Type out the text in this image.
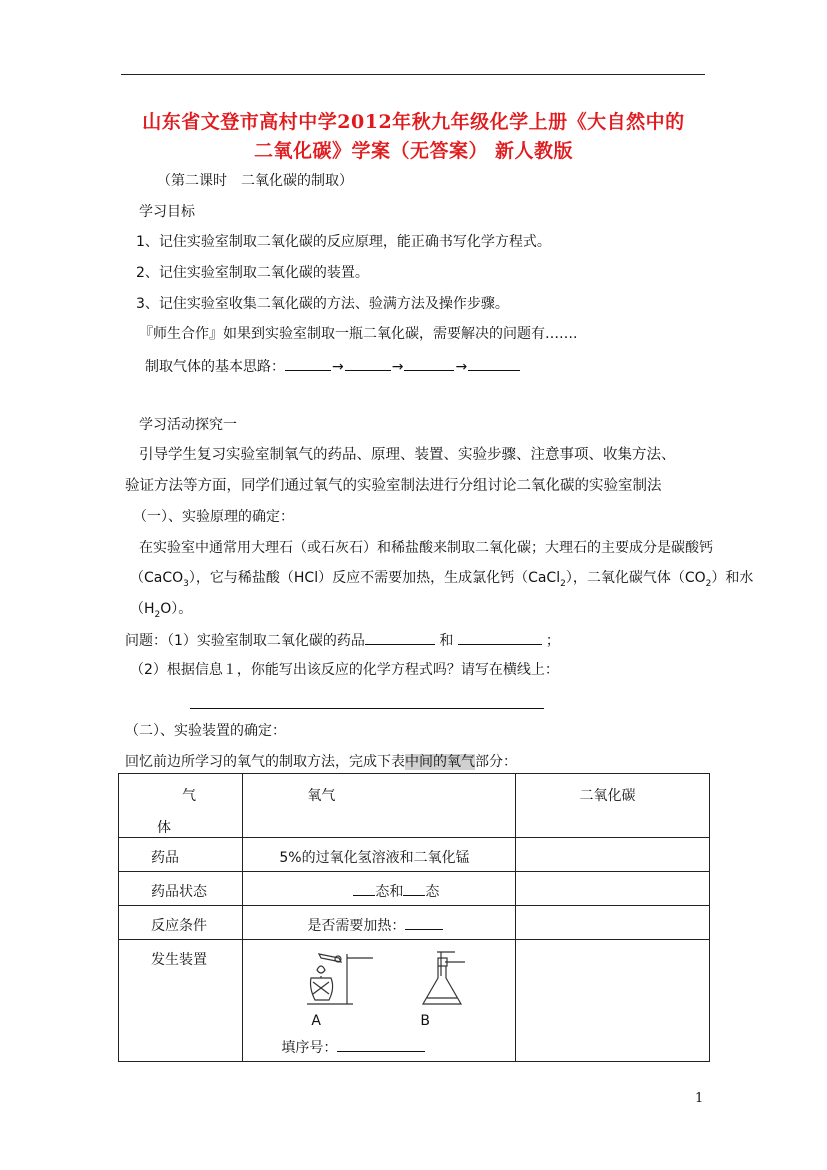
山东省文登市高村中学2012年秋九年级化学上册《大自然中的
二氧化碳》学案（无答案） 新人教版
（第二课时　二氧化碳的制取）
学习目标
1、记住实验室制取二氧化碳的反应原理，能正确书写化学方程式。
2、记住实验室制取二氧化碳的装置。
3、记住实验室收集二氧化碳的方法、验满方法及操作步骤。
『师生合作』如果到实验室制取一瓶二氧化碳，需要解决的问题有…….
制取气体的基本思路：	→	→	→
学习活动探究一
引导学生复习实验室制氧气的药品、原理、装置、实验步骤、注意事项、收集方法、
验证方法等方面，同学们通过氧气的实验室制法进行分组讨论二氧化碳的实验室制法
（一）、实验原理的确定：
在实验室中通常用大理石（或石灰石）和稀盐酸来制取二氧化碳；大理石的主要成分是碳酸钙
（CaCO$_3$），它与稀盐酸（HCl）反应不需要加热，生成氯化钙（CaCl$_2$），二氧化碳气体$(CO_2)$和水
$(H_2O)$。
问题：（1）实验室制取二氧化碳的药品	和	；
（2）根据信息１，你能写出该反应的化学方程式吗？请写在横线上：
（二）、实验装置的确定：
回忆前边所学习的氧气的制取方法，完成下表中间的氧气部分：
气
体	氧气	二氧化碳

药品	5%的过氧化氢溶液和二氧化锰	

药品状态	态和 态	

反应条件	是否需要加热：	

发生装置	A B
填序号：	

1
